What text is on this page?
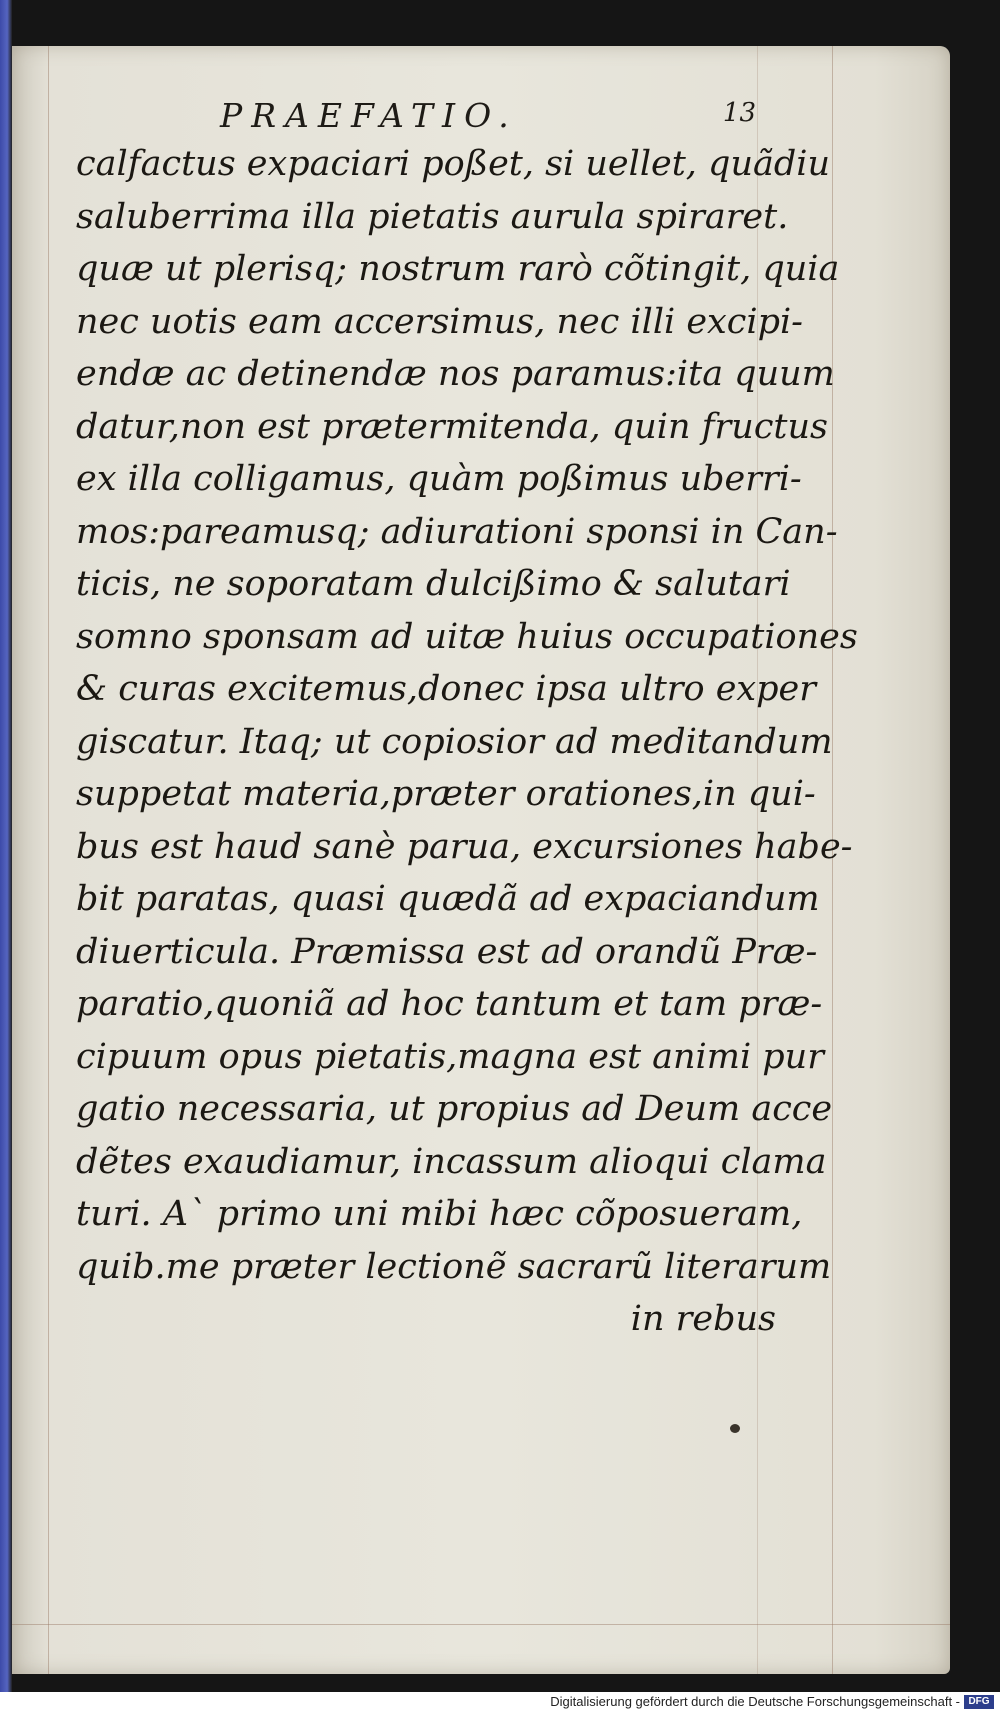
PRAEFATIO.	13
calfactus expaciari poßet, si uellet, quãdiu
saluberrima illa pietatis aurula spiraret.
quæ ut plerisq; nostrum rarò cõtingit, quia
nec uotis eam accersimus, nec illi excipi-
endæ ac detinendæ nos paramus:ita quum
datur,non est prætermitenda, quin fructus
ex illa colligamus, quàm poßimus uberri-
mos:pareamusq; adiurationi sponsi in Can-
ticis, ne soporatam dulcißimo & salutari
somno sponsam ad uitæ huius occupationes
& curas excitemus,donec ipsa ultro exper
giscatur. Itaq; ut copiosior ad meditandum
suppetat materia,præter orationes,in qui-
bus est haud sanè parua, excursiones habe-
bit paratas, quasi quædã ad expaciandum
diuerticula. Præmissa est ad orandũ Præ-
paratio,quoniã ad hoc tantum et tam præ-
cipuum opus pietatis,magna est animi pur
gatio necessaria, ut propius ad Deum acce
dẽtes exaudiamur, incassum alioqui clama
turi. A` primo uni mibi hæc cõposueram,
quib.me præter lectionẽ sacrarũ literarum
in rebus
Digitalisierung gefördert durch die Deutsche Forschungsgemeinschaft - DFG
